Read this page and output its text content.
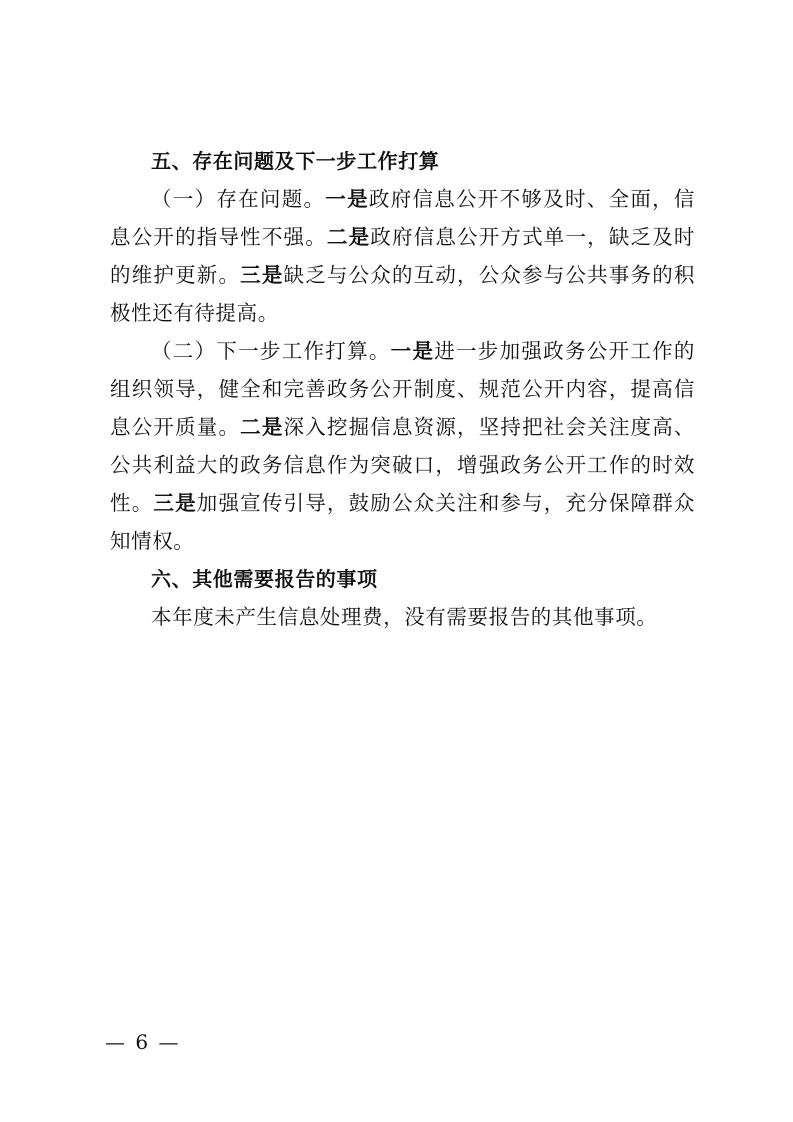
五、存在问题及下一步工作打算

（一）存在问题。一是政府信息公开不够及时、全面，信息公开的指导性不强。二是政府信息公开方式单一，缺乏及时的维护更新。三是缺乏与公众的互动，公众参与公共事务的积极性还有待提高。

（二）下一步工作打算。一是进一步加强政务公开工作的组织领导，健全和完善政务公开制度、规范公开内容，提高信息公开质量。二是深入挖掘信息资源，坚持把社会关注度高、公共利益大的政务信息作为突破口，增强政务公开工作的时效性。三是加强宣传引导，鼓励公众关注和参与，充分保障群众知情权。

六、其他需要报告的事项

本年度未产生信息处理费，没有需要报告的其他事项。

— 6 —
